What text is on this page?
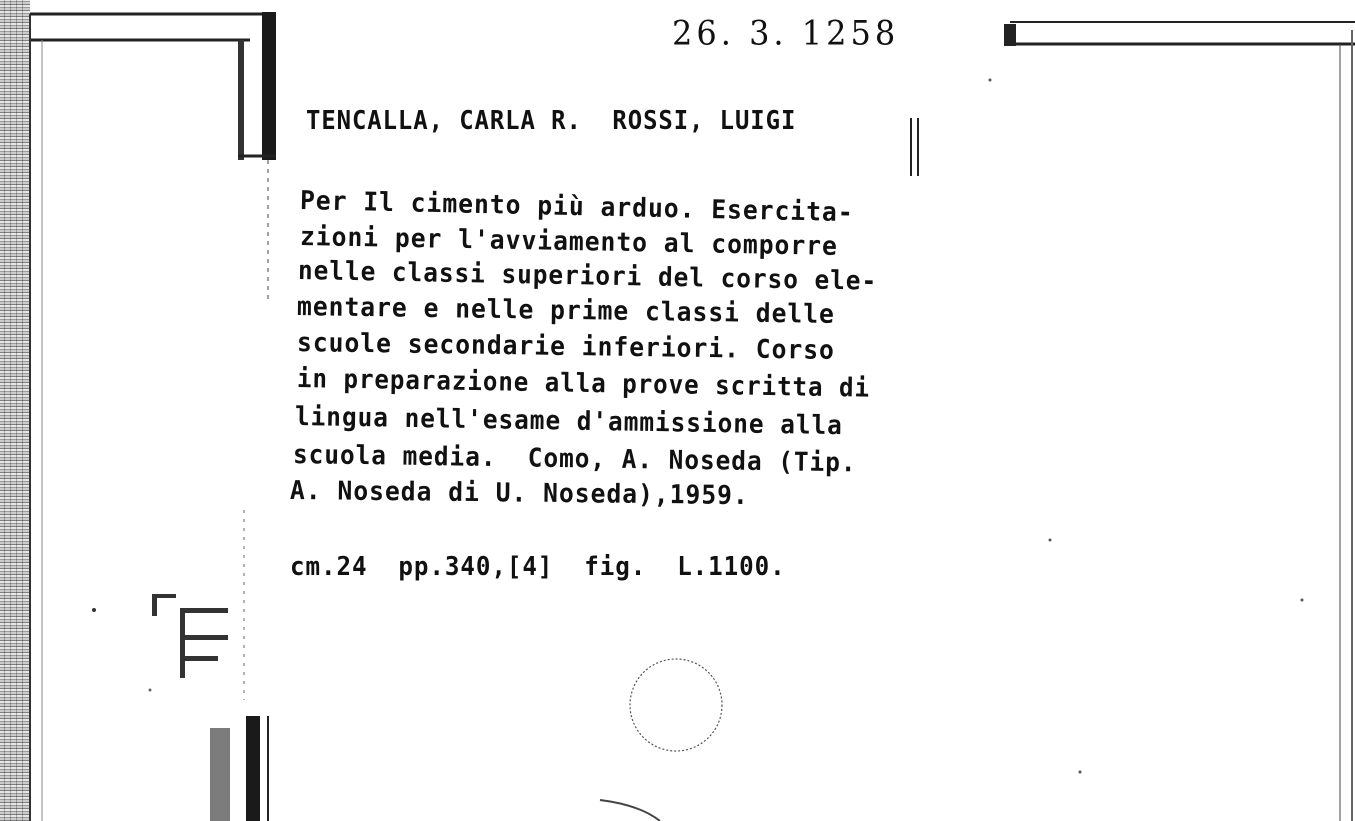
26. 3. 1258
TENCALLA, CARLA R.  ROSSI, LUIGI
Per Il cimento più arduo. Esercita-
zioni per l'avviamento al comporre
nelle classi superiori del corso ele-
mentare e nelle prime classi delle
scuole secondarie inferiori. Corso
in preparazione alla prove scritta di
lingua nell'esame d'ammissione alla
scuola media.  Como, A. Noseda (Tip.
A. Noseda di U. Noseda),1959.
cm.24  pp.340,[4]  fig.  L.1100.
